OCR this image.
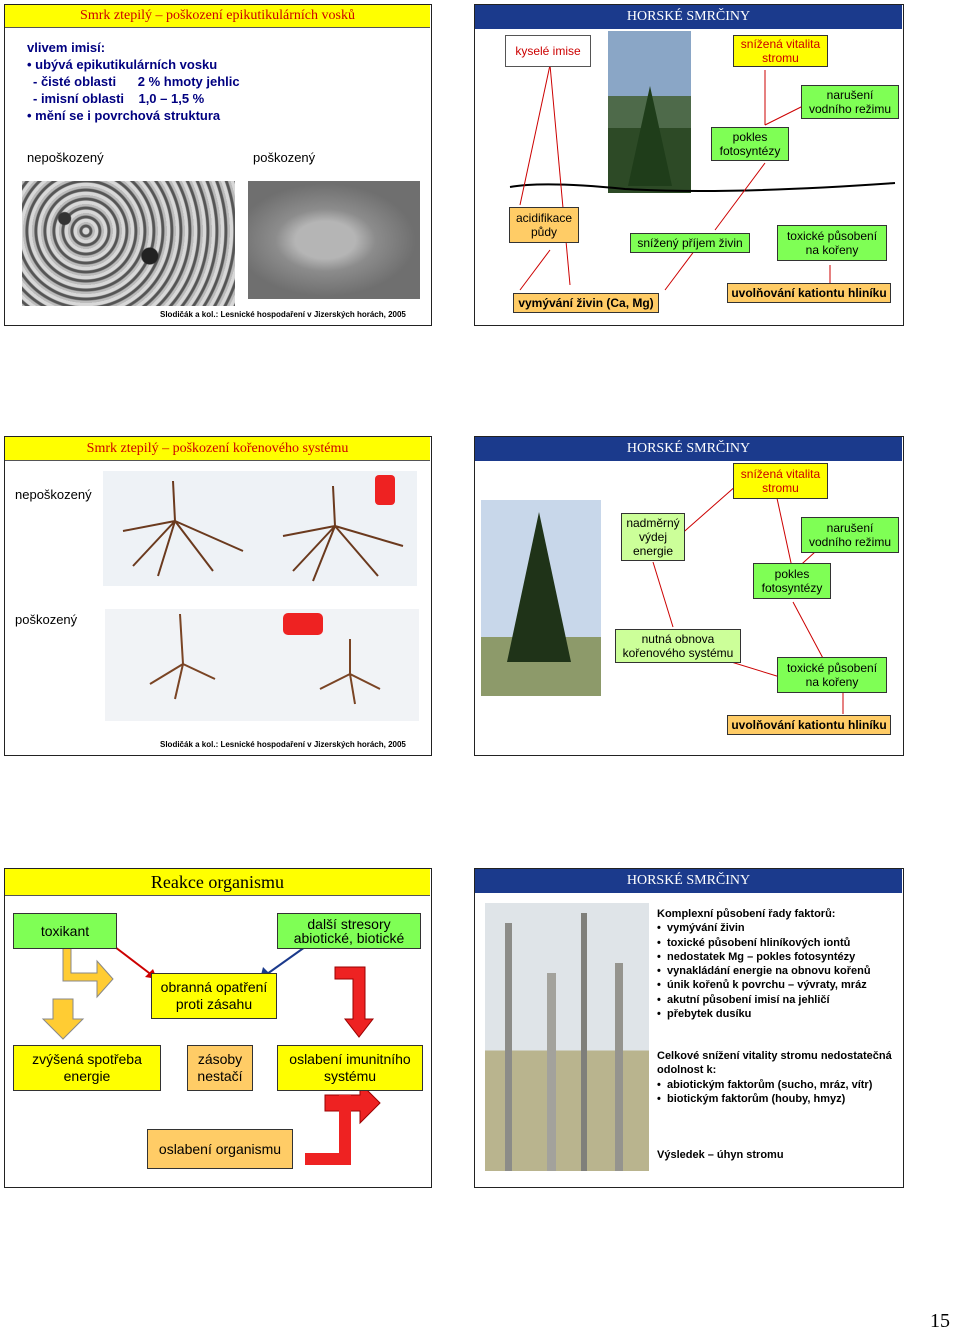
Smrk ztepilý – poškození epikutikulárních vosků
vlivem imisí:
• ubývá epikutikulárních vosku
- čisté oblasti      2 % hmoty jehlic
- imisní oblasti    1,0 – 1,5 %
• mění se i povrchová struktura
nepoškozený	poškozený
Slodičák a kol.: Lesnické hospodaření v Jizerských horách, 2005
HORSKÉ SMRČINY
kyselé imise	snížená vitalita stromu
narušení vodního režimu
pokles fotosyntézy
acidifikace půdy
snížený příjem živin	toxické působení na kořeny
vymývání živin (Ca, Mg)
uvolňování kationtu hliníku
Smrk ztepilý – poškození kořenového systému
nepoškozený
poškozený
Slodičák a kol.: Lesnické hospodaření v Jizerských horách, 2005
HORSKÉ SMRČINY
snížená vitalita stromu
nadměrný výdej energie
narušení vodního režimu
pokles fotosyntézy
nutná obnova kořenového systému
toxické působení na kořeny
uvolňování kationtu hliníku
Reakce organismu
toxikant	další stresory abiotické, biotické
obranná opatření proti zásahu
zvýšená spotřeba energie
zásoby nestačí
oslabení imunitního systému
oslabení organismu
HORSKÉ SMRČINY
Komplexní působení řady faktorů:
• vymývání živin
• toxické působení hliníkových iontů
• nedostatek Mg – pokles fotosyntézy
• vynakládání energie na obnovu kořenů
• únik kořenů k povrchu – vývraty, mráz
• akutní působení imisí na jehličí
• přebytek dusíku
Celkové snížení vitality stromu nedostatečná odolnost k:
• abiotickým faktorům (sucho, mráz, vítr)
• biotickým faktorům (houby, hmyz)
Výsledek – úhyn stromu
15
